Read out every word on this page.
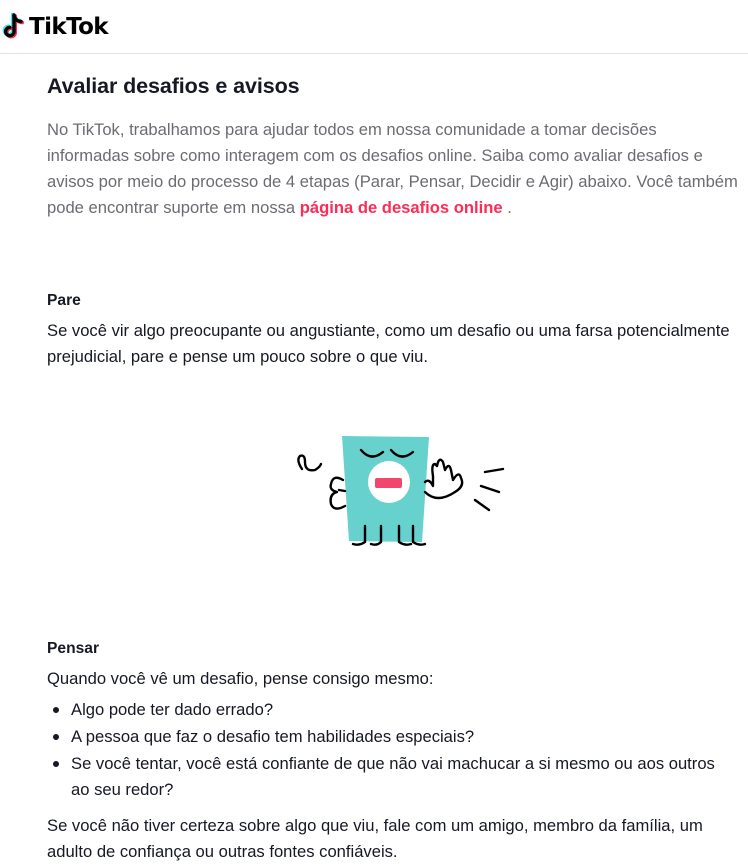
TikTok
Avaliar desafios e avisos

No TikTok, trabalhamos para ajudar todos em nossa comunidade a tomar decisões informadas sobre como interagem com os desafios online. Saiba como avaliar desafios e avisos por meio do processo de 4 etapas (Parar, Pensar, Decidir e Agir) abaixo. Você também pode encontrar suporte em nossa página de desafios online .

Pare

Se você vir algo preocupante ou angustiante, como um desafio ou uma farsa potencialmente prejudicial, pare e pense um pouco sobre o que viu.

Pensar

Quando você vê um desafio, pense consigo mesmo:

Algo pode ter dado errado?
A pessoa que faz o desafio tem habilidades especiais?
Se você tentar, você está confiante de que não vai machucar a si mesmo ou aos outros ao seu redor?

Se você não tiver certeza sobre algo que viu, fale com um amigo, membro da família, um adulto de confiança ou outras fontes confiáveis.
